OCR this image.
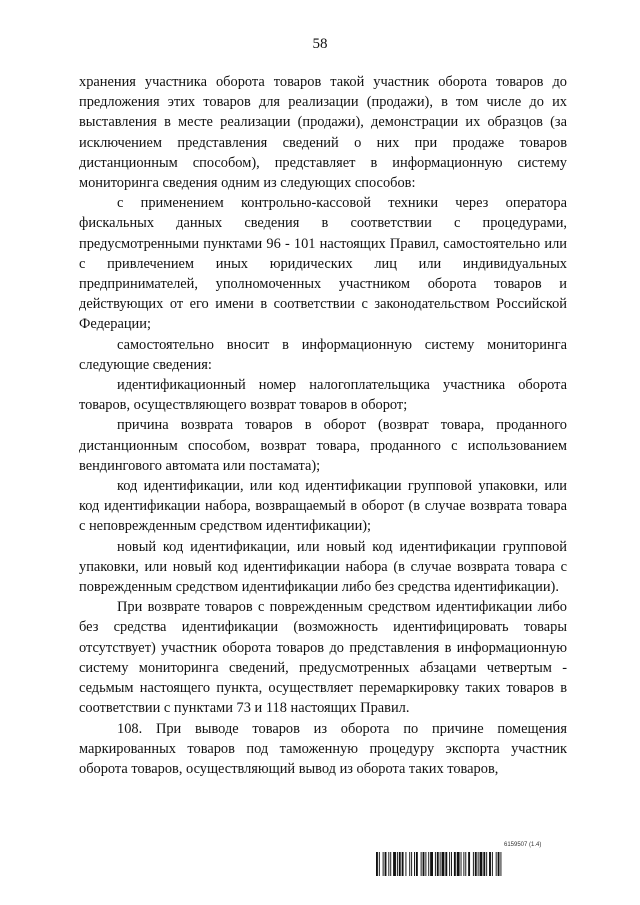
58

хранения участника оборота товаров такой участник оборота товаров до предложения этих товаров для реализации (продажи), в том числе до их выставления в месте реализации (продажи), демонстрации их образцов (за исключением представления сведений о них при продаже товаров дистанционным способом), представляет в информационную систему мониторинга сведения одним из следующих способов:

с применением контрольно-кассовой техники через оператора фискальных данных сведения в соответствии с процедурами, предусмотренными пунктами 96 - 101 настоящих Правил, самостоятельно или с привлечением иных юридических лиц или индивидуальных предпринимателей, уполномоченных участником оборота товаров и действующих от его имени в соответствии с законодательством Российской Федерации;

самостоятельно вносит в информационную систему мониторинга следующие сведения:

идентификационный номер налогоплательщика участника оборота товаров, осуществляющего возврат товаров в оборот;

причина возврата товаров в оборот (возврат товара, проданного дистанционным способом, возврат товара, проданного с использованием вендингового автомата или постамата);

код идентификации, или код идентификации групповой упаковки, или код идентификации набора, возвращаемый в оборот (в случае возврата товара с неповрежденным средством идентификации);

новый код идентификации, или новый код идентификации групповой упаковки, или новый код идентификации набора (в случае возврата товара с поврежденным средством идентификации либо без средства идентификации).

При возврате товаров с поврежденным средством идентификации либо без средства идентификации (возможность идентифицировать товары отсутствует) участник оборота товаров до представления в информационную систему мониторинга сведений, предусмотренных абзацами четвертым - седьмым настоящего пункта, осуществляет перемаркировку таких товаров в соответствии с пунктами 73 и 118 настоящих Правил.

108. При выводе товаров из оборота по причине помещения маркированных товаров под таможенную процедуру экспорта участник оборота товаров, осуществляющий вывод из оборота таких товаров,

6159507 (1.4)
